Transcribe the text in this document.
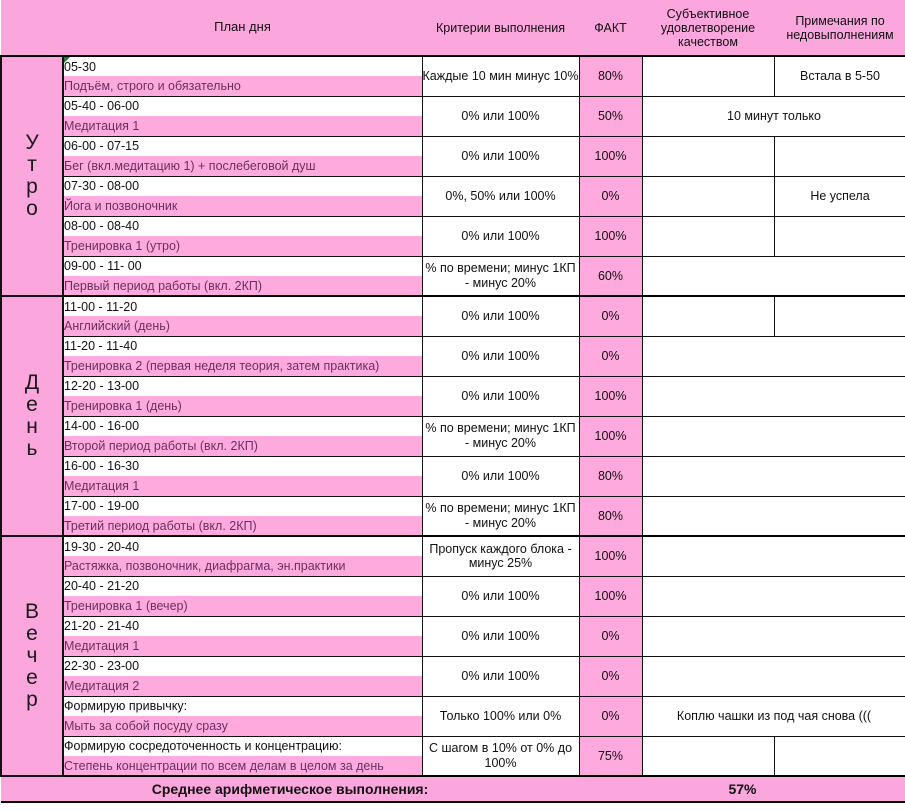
	План дня	Критерии выполнения	ФАКТ	Субъективное удовлетворение качеством	Примечания по недовыполнениям

У
т
р
о	05-30	Каждые 10 мин минус 10%	80%		Встала в 5-50
	Подъём, строго и обязательно				
	05-40 - 06-00	0% или 100%	50%	10 минут только	
	Медитация 1				
	06-00 - 07-15	0% или 100%	100%		
	Бег (вкл.медитацию 1) + послебеговой душ				
	07-30 - 08-00	0%, 50% или 100%	0%		Не успела
	Йога и позвоночник				
	08-00 - 08-40	0% или 100%	100%		
	Тренировка 1 (утро)				
	09-00 - 11- 00	% по времени; минус 1КП - минус 20%	60%		
	Первый период работы (вкл. 2КП)				

Д
е
н
ь	11-00 - 11-20	0% или 100%	0%		
	Английский (день)				
	11-20 - 11-40	0% или 100%	0%		
	Тренировка 2 (первая неделя теория, затем практика)				
	12-20 - 13-00	0% или 100%	100%		
	Тренировка 1 (день)				
	14-00 - 16-00	% по времени; минус 1КП - минус 20%	100%		
	Второй период работы (вкл. 2КП)				
	16-00 - 16-30	0% или 100%	80%		
	Медитация 1				
	17-00 - 19-00	% по времени; минус 1КП - минус 20%	80%		
	Третий период работы (вкл. 2КП)				

В
е
ч
е
р	19-30 - 20-40	Пропуск каждого блока - минус 25%	100%		
	Растяжка, позвоночник, диафрагма, эн.практики				
	20-40 - 21-20	0% или 100%	100%		
	Тренировка 1 (вечер)				
	21-20 - 21-40	0% или 100%	0%		
	Медитация 1				
	22-30 - 23-00	0% или 100%	0%		
	Медитация 2				
	Формирую привычку:	Только 100% или 0%	0%	Коплю чашки из под чая снова (((	
	Мыть за собой посуду сразу				
	Формирую сосредоточенность и концентрацию:	С шагом в 10% от 0% до 100%	75%		
	Степень концентрации по всем делам в целом за день				
Среднее арифметическое выполнения:			57%		
